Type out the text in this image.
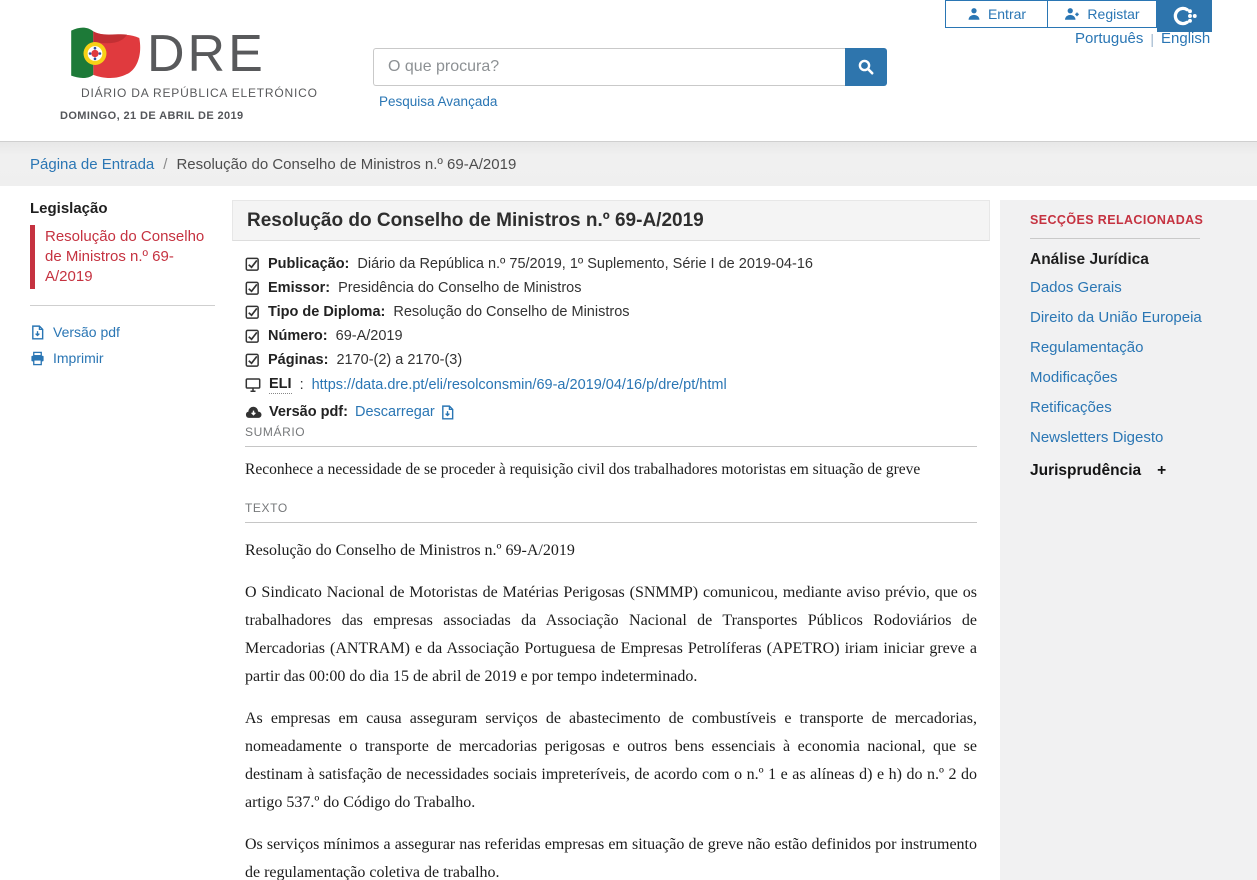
DRE
DIÁRIO DA REPÚBLICA ELETRÓNICO
DOMINGO, 21 DE ABRIL DE 2019
O que procura?
Pesquisa Avançada
Entrar	Registar
Português | English
Página de Entrada / Resolução do Conselho de Ministros n.º 69-A/2019
Legislação
Resolução do Conselho de Ministros n.º 69-A/2019
Versão pdf
Imprimir
Resolução do Conselho de Ministros n.º 69-A/2019
Publicação: Diário da República n.º 75/2019, 1º Suplemento, Série I de 2019-04-16
Emissor: Presidência do Conselho de Ministros
Tipo de Diploma: Resolução do Conselho de Ministros
Número: 69-A/2019
Páginas: 2170-(2) a 2170-(3)
ELI : https://data.dre.pt/eli/resolconsmin/69-a/2019/04/16/p/dre/pt/html
Versão pdf: Descarregar
SUMÁRIO

Reconhece a necessidade de se proceder à requisição civil dos trabalhadores motoristas em situação de greve

TEXTO

Resolução do Conselho de Ministros n.º 69-A/2019

O Sindicato Nacional de Motoristas de Matérias Perigosas (SNMMP) comunicou, mediante aviso prévio, que os trabalhadores das empresas associadas da Associação Nacional de Transportes Públicos Rodoviários de Mercadorias (ANTRAM) e da Associação Portuguesa de Empresas Petrolíferas (APETRO) iriam iniciar greve a partir das 00:00 do dia 15 de abril de 2019 e por tempo indeterminado.

As empresas em causa asseguram serviços de abastecimento de combustíveis e transporte de mercadorias, nomeadamente o transporte de mercadorias perigosas e outros bens essenciais à economia nacional, que se destinam à satisfação de necessidades sociais impreteríveis, de acordo com o n.º 1 e as alíneas d) e h) do n.º 2 do artigo 537.º do Código do Trabalho.

Os serviços mínimos a assegurar nas referidas empresas em situação de greve não estão definidos por instrumento de regulamentação coletiva de trabalho.

SECÇÕES RELACIONADAS
Análise Jurídica
Dados Gerais
Direito da União Europeia
Regulamentação
Modificações
Retificações
Newsletters Digesto
Jurisprudência +
